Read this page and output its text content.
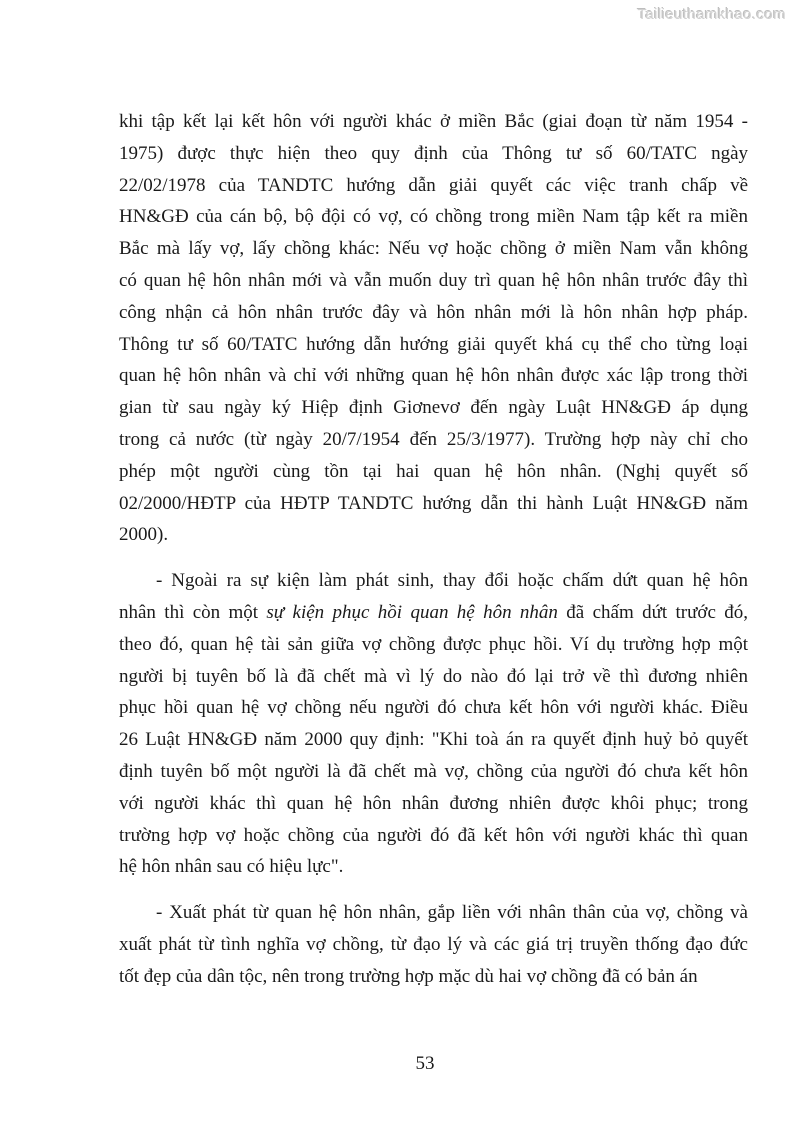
Tailieuthamkhao.com
khi tập kết lại kết hôn với người khác ở miền Bắc (giai đoạn từ năm 1954 -
1975) được thực hiện theo quy định của Thông tư số 60/TATC ngày
22/02/1978 của TANDTC hướng dẫn giải quyết các việc tranh chấp về
HN&GĐ của cán bộ, bộ đội có vợ, có chồng trong miền Nam tập kết ra miền
Bắc mà lấy vợ, lấy chồng khác: Nếu vợ hoặc chồng ở miền Nam vẫn không
có quan hệ hôn nhân mới và vẫn muốn duy trì quan hệ hôn nhân trước đây thì
công nhận cả hôn nhân trước đây và hôn nhân mới là hôn nhân hợp pháp.
Thông tư số 60/TATC hướng dẫn hướng giải quyết khá cụ thể cho từng loại
quan hệ hôn nhân và chỉ với những quan hệ hôn nhân được xác lập trong thời
gian từ sau ngày ký Hiệp định Giơnevơ đến ngày Luật HN&GĐ áp dụng
trong cả nước (từ ngày 20/7/1954 đến 25/3/1977). Trường hợp này chỉ cho
phép một người cùng tồn tại hai quan hệ hôn nhân. (Nghị quyết số
02/2000/HĐTP của HĐTP TANDTC hướng dẫn thi hành Luật HN&GĐ năm
2000).
- Ngoài ra sự kiện làm phát sinh, thay đổi hoặc chấm dứt quan hệ hôn
nhân thì còn một sự kiện phục hồi quan hệ hôn nhân đã chấm dứt trước đó,
theo đó, quan hệ tài sản giữa vợ chồng được phục hồi. Ví dụ trường hợp một
người bị tuyên bố là đã chết mà vì lý do nào đó lại trở về thì đương nhiên
phục hồi quan hệ vợ chồng nếu người đó chưa kết hôn với người khác. Điều
26 Luật HN&GĐ năm 2000 quy định: "Khi toà án ra quyết định huỷ bỏ quyết
định tuyên bố một người là đã chết mà vợ, chồng của người đó chưa kết hôn
với người khác thì quan hệ hôn nhân đương nhiên được khôi phục; trong
trường hợp vợ hoặc chồng của người đó đã kết hôn với người khác thì quan
hệ hôn nhân sau có hiệu lực".
- Xuất phát từ quan hệ hôn nhân, gắp liền với nhân thân của vợ, chồng và
xuất phát từ tình nghĩa vợ chồng, từ đạo lý và các giá trị truyền thống đạo đức
tốt đẹp của dân tộc, nên trong trường hợp mặc dù hai vợ chồng đã có bản án
53
